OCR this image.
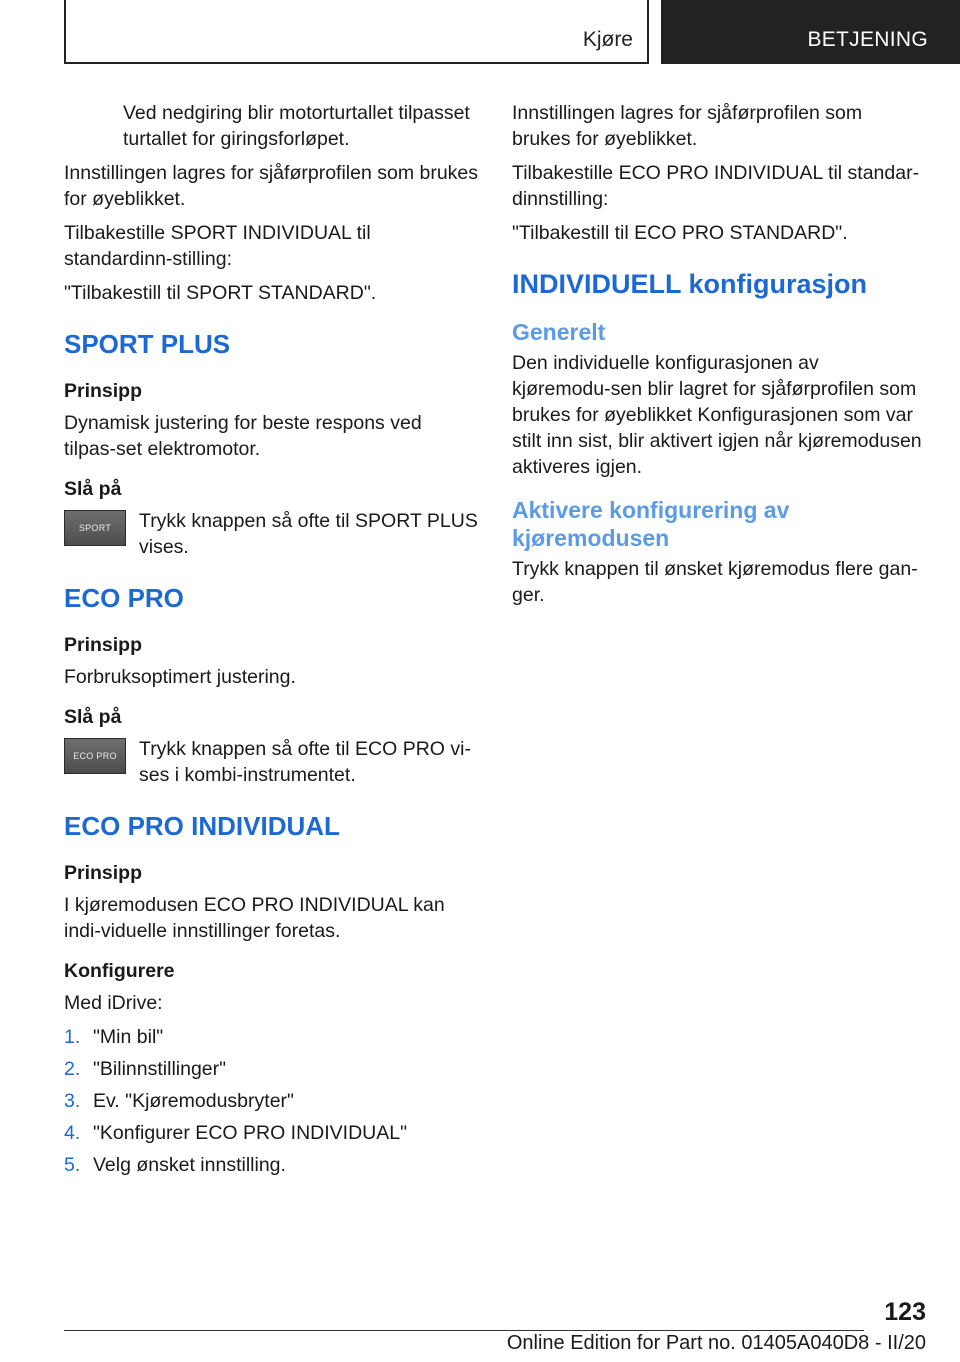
Kjøre	BETJENING

Ved nedgiring blir motorturtallet tilpasset turtallet for giringsforløpet.

Innstillingen lagres for sjåførprofilen som brukes for øyeblikket.

Tilbakestille SPORT INDIVIDUAL til standardinn-stilling:

"Tilbakestill til SPORT STANDARD".

SPORT PLUS
Prinsipp

Dynamisk justering for beste respons ved tilpas-set elektromotor.

Slå på
SPORT	Trykk knappen så ofte til SPORT PLUS vises.
ECO PRO
Prinsipp

Forbruksoptimert justering.

Slå på
ECO PRO	Trykk knappen så ofte til ECO PRO vi-ses i kombi-instrumentet.
ECO PRO INDIVIDUAL
Prinsipp

I kjøremodusen ECO PRO INDIVIDUAL kan indi-viduelle innstillinger foretas.

Konfigurere

Med iDrive:

1. "Min bil"
2. "Bilinnstillinger"
3. Ev. "Kjøremodusbryter"
4. "Konfigurer ECO PRO INDIVIDUAL"
5. Velg ønsket innstilling.

Innstillingen lagres for sjåførprofilen som brukes for øyeblikket.

Tilbakestille ECO PRO INDIVIDUAL til standar-dinnstilling:

"Tilbakestill til ECO PRO STANDARD".

INDIVIDUELL konfigurasjon
Generelt

Den individuelle konfigurasjonen av kjøremodu-sen blir lagret for sjåførprofilen som brukes for øyeblikket Konfigurasjonen som var stilt inn sist, blir aktivert igjen når kjøremodusen aktiveres igjen.

Aktivere konfigurering av kjøremodusen

Trykk knappen til ønsket kjøremodus flere gan-ger.

123
Online Edition for Part no. 01405A040D8 - II/20
